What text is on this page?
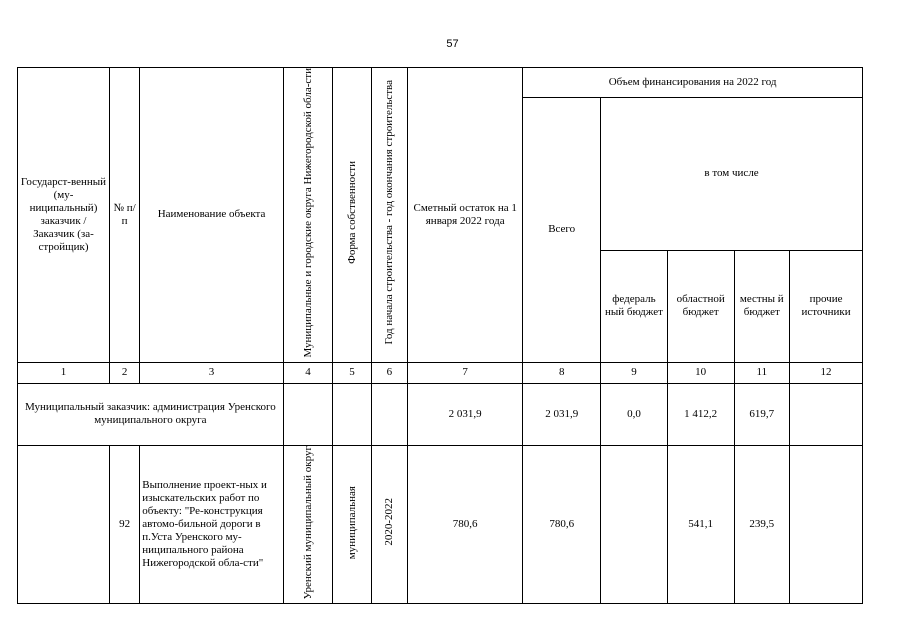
57
Государст-венный (му-ниципальный) заказчик / Заказчик (за-стройщик)	№ п/п	Наименование объекта	Муниципальные и городские округа Нижегородской обла-сти	Форма собственности	Год начала строительства - год окончания строительства	Сметный остаток на 1 января 2022 года	Объем финансирования на 2022 год				
							Всего	в том числе			
								федераль ный бюджет	областной бюджет	местны й бюджет	прочие источники
1	2	3	4	5	6	7	8	9	10	11	12
Муниципальный заказчик: администрация Уренского муниципального округа						2 031,9	2 031,9	0,0	1 412,2	619,7	
	92	Выполнение проект-ных и изыскательских работ по объекту: "Ре-конструкция автомо-бильной дороги в п.Уста Уренского му-ниципального района Нижегородской обла-сти"	Уренский муниципальный округ	муниципальная	2020-2022	780,6	780,6		541,1	239,5	
